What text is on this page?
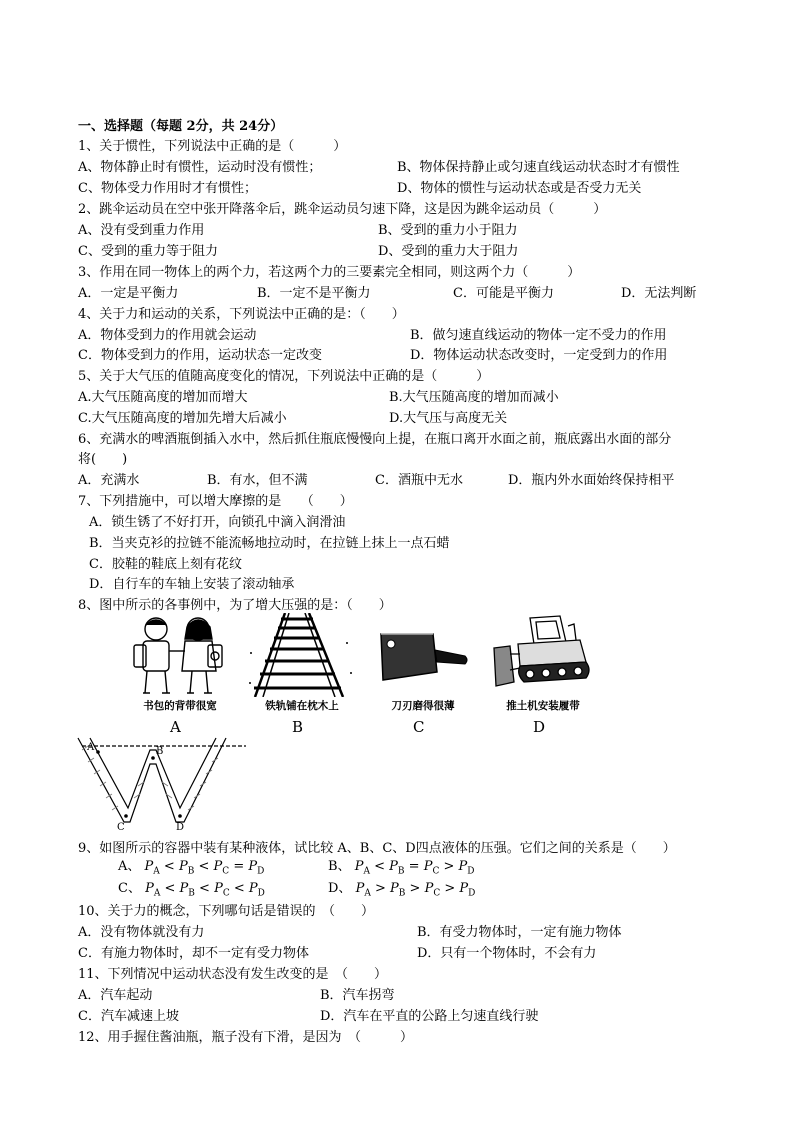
一、选择题（每题 2分，共 24分）
1、关于惯性，下列说法中正确的是（　　　）
A、物体静止时有惯性，运动时没有惯性；	B、物体保持静止或匀速直线运动状态时才有惯性
C、物体受力作用时才有惯性；	D、物体的惯性与运动状态或是否受力无关
2、跳伞运动员在空中张开降落伞后，跳伞运动员匀速下降，这是因为跳伞运动员（　　　）
A、没有受到重力作用	B、受到的重力小于阻力
C、受到的重力等于阻力	D、受到的重力大于阻力
3、作用在同一物体上的两个力，若这两个力的三要素完全相同，则这两个力（　　　）
A．一定是平衡力	B．一定不是平衡力	C．可能是平衡力	D．无法判断
4、关于力和运动的关系，下列说法中正确的是：（　　）
A．物体受到力的作用就会运动	B．做匀速直线运动的物体一定不受力的作用
C．物体受到力的作用，运动状态一定改变	D．物体运动状态改变时，一定受到力的作用
5、关于大气压的值随高度变化的情况，下列说法中正确的是（　　　）
A.大气压随高度的增加而增大	B.大气压随高度的增加而减小
C.大气压随高度的增加先增大后减小	D.大气压与高度无关
6、充满水的啤酒瓶倒插入水中，然后抓住瓶底慢慢向上提，在瓶口离开水面之前，瓶底露出水面的部分
将(　　)
A．充满水	B．有水，但不满	C．酒瓶中无水	D．瓶内外水面始终保持相平
7、下列措施中，可以增大摩擦的是　　（　　）
A．锁生锈了不好打开，向锁孔中滴入润滑油
B．当夹克衫的拉链不能流畅地拉动时，在拉链上抹上一点石蜡
C．胶鞋的鞋底上刻有花纹
D．自行车的车轴上安装了滚动轴承
8、图中所示的各事例中，为了增大压强的是：（　　）
书包的背带很宽
A
铁轨铺在枕木上
B
刀刃磨得很薄
C
推土机安装履带
D
A	B
C	D
9、如图所示的容器中装有某种液体，试比较 A、B、C、D四点液体的压强。它们之间的关系是（　　）
A、 $P_A < P_B < P_C = P_D$	B、 $P_A < P_B = P_C > P_D$
C、 $P_A < P_B < P_C < P_D$	D、 $P_A > P_B > P_C > P_D$
10、关于力的概念，下列哪句话是错误的　（　　）
A．没有物体就没有力	B．有受力物体时，一定有施力物体
C．有施力物体时，却不一定有受力物体	D．只有一个物体时，不会有力
11、下列情况中运动状态没有发生改变的是　（　　）
A．汽车起动	B．汽车拐弯
C．汽车减速上坡	D．汽车在平直的公路上匀速直线行驶
12、用手握住酱油瓶，瓶子没有下滑，是因为　（　　　）
